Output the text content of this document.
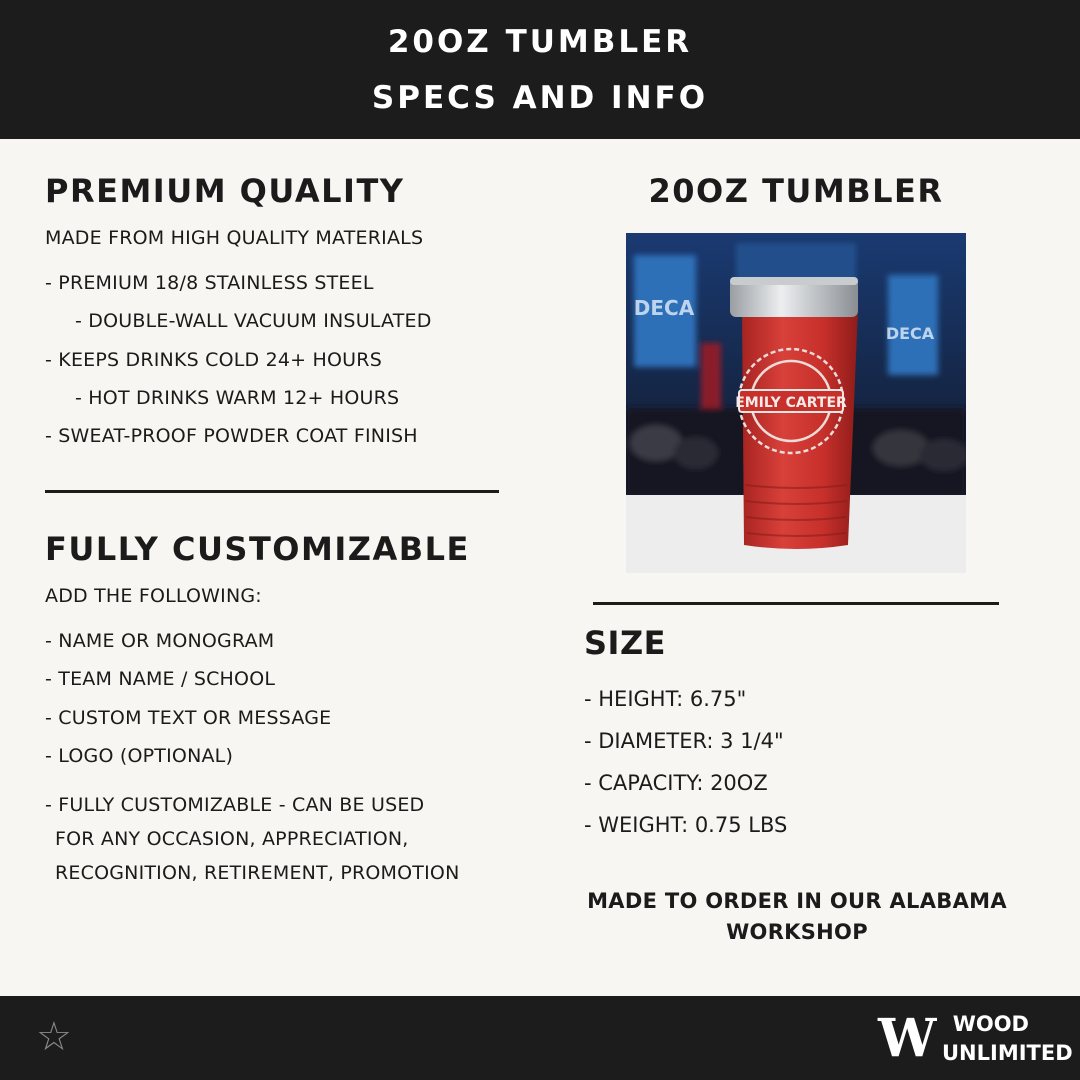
20OZ TUMBLER
SPECS AND INFO
PREMIUM QUALITY
MADE FROM HIGH QUALITY MATERIALS
- PREMIUM 18/8 STAINLESS STEEL
- DOUBLE-WALL VACUUM INSULATED
- KEEPS DRINKS COLD 24+ HOURS
- HOT DRINKS WARM 12+ HOURS
- SWEAT-PROOF POWDER COAT FINISH
FULLY CUSTOMIZABLE
ADD THE FOLLOWING:
- NAME OR MONOGRAM
- TEAM NAME / SCHOOL
- CUSTOM TEXT OR MESSAGE
- LOGO (OPTIONAL)
- FULLY CUSTOMIZABLE - CAN BE USED
FOR ANY OCCASION, APPRECIATION,
RECOGNITION, RETIREMENT, PROMOTION
20OZ TUMBLER
DECA
DECA
EMILY CARTER
SIZE
- HEIGHT: 6.75"
- DIAMETER: 3 1/4"
- CAPACITY: 20OZ
- WEIGHT: 0.75 LBS
MADE TO ORDER IN OUR ALABAMA
WORKSHOP
☆	W WOOD
UNLIMITED
